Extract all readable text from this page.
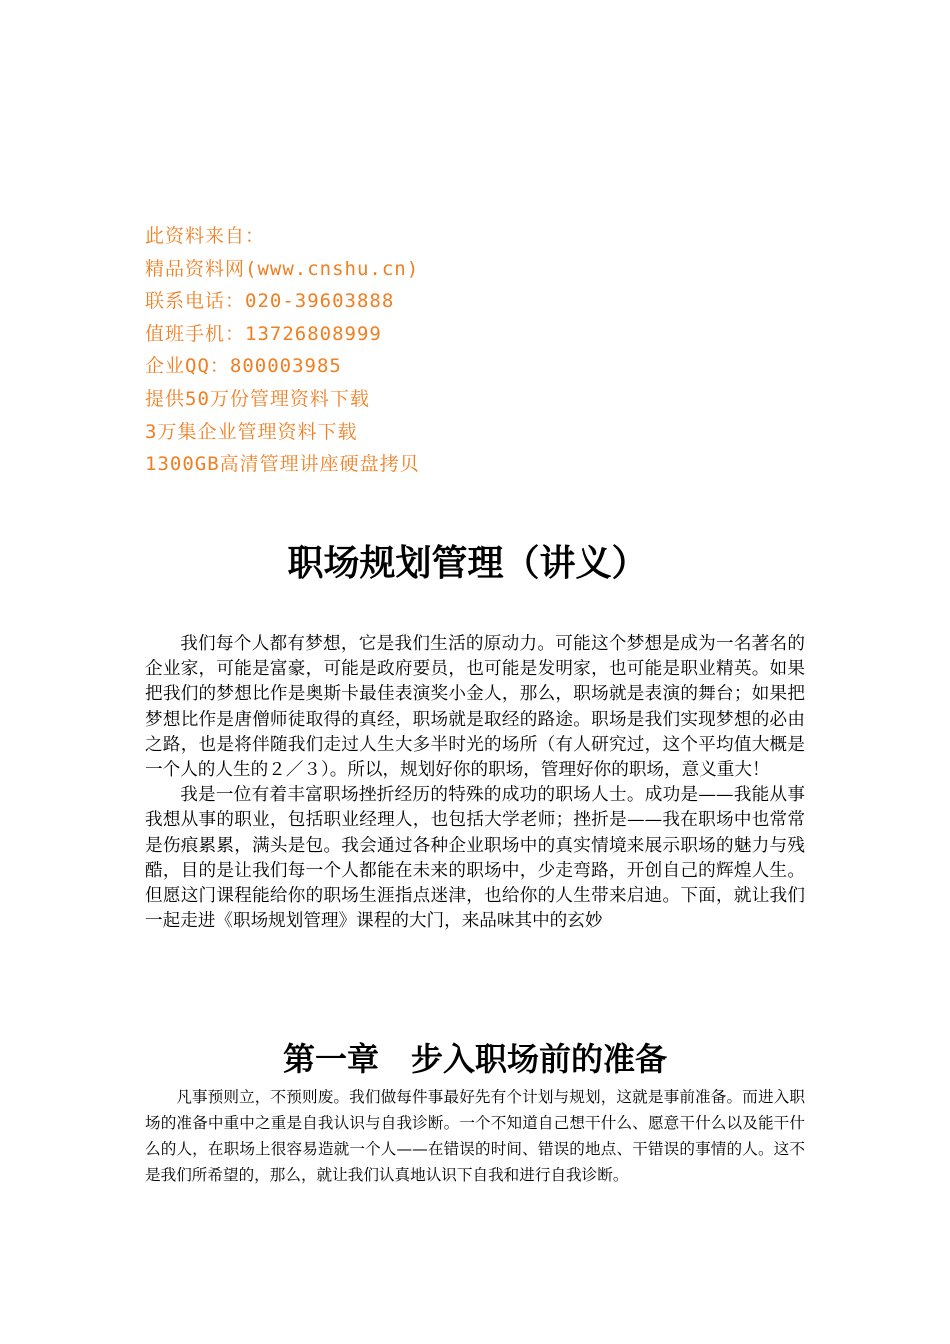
此资料来自：
精品资料网(www.cnshu.cn)
联系电话：020-39603888
值班手机：13726808999
企业QQ：800003985
提供50万份管理资料下载
3万集企业管理资料下载
1300GB高清管理讲座硬盘拷贝
职场规划管理（讲义）

我们每个人都有梦想，它是我们生活的原动力。可能这个梦想是成为一名著名的企业家，可能是富豪，可能是政府要员，也可能是发明家，也可能是职业精英。如果把我们的梦想比作是奥斯卡最佳表演奖小金人，那么，职场就是表演的舞台；如果把梦想比作是唐僧师徒取得的真经，职场就是取经的路途。职场是我们实现梦想的必由之路，也是将伴随我们走过人生大多半时光的场所（有人研究过，这个平均值大概是一个人的人生的２／３）。所以，规划好你的职场，管理好你的职场，意义重大！

我是一位有着丰富职场挫折经历的特殊的成功的职场人士。成功是——我能从事我想从事的职业，包括职业经理人，也包括大学老师；挫折是——我在职场中也常常是伤痕累累，满头是包。我会通过各种企业职场中的真实情境来展示职场的魅力与残酷，目的是让我们每一个人都能在未来的职场中，少走弯路，开创自己的辉煌人生。但愿这门课程能给你的职场生涯指点迷津，也给你的人生带来启迪。下面，就让我们一起走进《职场规划管理》课程的大门，来品味其中的玄妙

第一章　步入职场前的准备

凡事预则立，不预则废。我们做每件事最好先有个计划与规划，这就是事前准备。而进入职场的准备中重中之重是自我认识与自我诊断。一个不知道自己想干什么、愿意干什么以及能干什么的人，在职场上很容易造就一个人——在错误的时间、错误的地点、干错误的事情的人。这不是我们所希望的，那么，就让我们认真地认识下自我和进行自我诊断。
